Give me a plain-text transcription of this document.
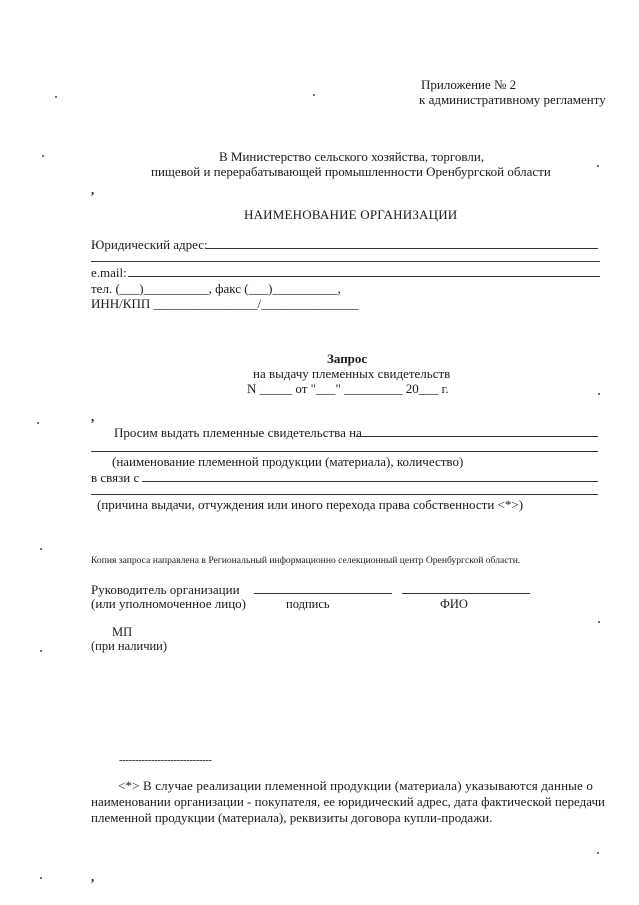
,
,
,
Приложение № 2
к административному регламенту
В Министерство сельского хозяйства, торговли,
пищевой и перерабатывающей промышленности Оренбургской области
НАИМЕНОВАНИЕ ОРГАНИЗАЦИИ
Юридический адрес:
e.mail:
тел. (___)__________, факс (___)__________,
ИНН/КПП ________________/_______________
Запрос
на выдачу племенных свидетельств
N _____ от "___" _________ 20___ г.
Просим выдать племенные свидетельства на
(наименование племенной продукции (материала), количество)
в связи с
(причина выдачи, отчуждения или иного перехода права собственности <*>)
Копия запроса направлена в Региональный информационно селекционный центр Оренбургской области.
Руководитель организации
(или уполномоченное лицо)	подпись	ФИО
МП
(при наличии)
-----------------------------
<*> В случае реализации племенной продукции (материала) указываются данные о
наименовании организации - покупателя, ее юридический адрес, дата фактической передачи
племенной продукции (материала), реквизиты договора купли-продажи.
